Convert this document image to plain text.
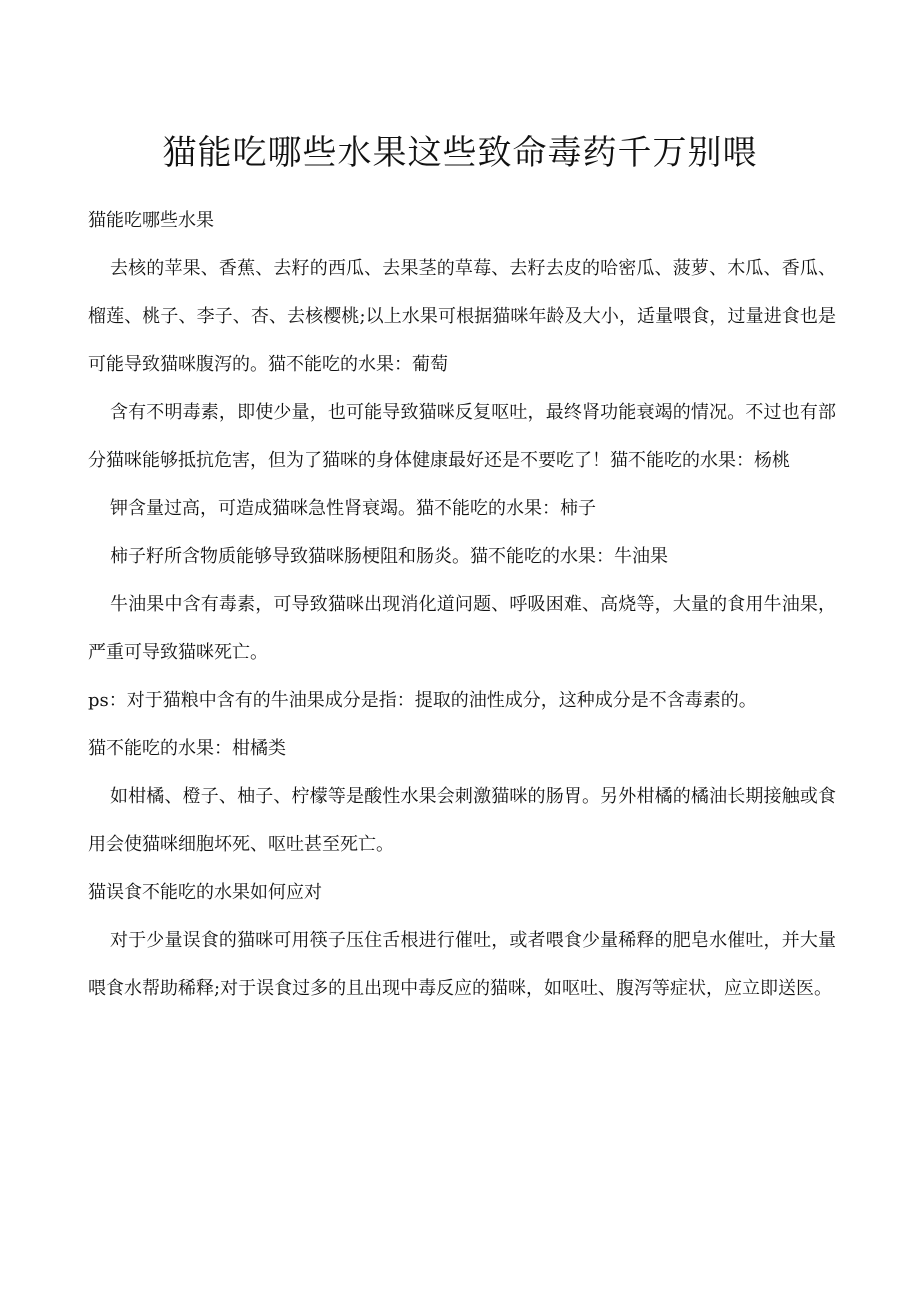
猫能吃哪些水果这些致命毒药千万别喂

猫能吃哪些水果

去核的苹果、香蕉、去籽的西瓜、去果茎的草莓、去籽去皮的哈密瓜、菠萝、木瓜、香瓜、榴莲、桃子、李子、杏、去核樱桃;以上水果可根据猫咪年龄及大小，适量喂食，过量进食也是可能导致猫咪腹泻的。猫不能吃的水果：葡萄

含有不明毒素，即使少量，也可能导致猫咪反复呕吐，最终肾功能衰竭的情况。不过也有部分猫咪能够抵抗危害，但为了猫咪的身体健康最好还是不要吃了！猫不能吃的水果：杨桃

钾含量过高，可造成猫咪急性肾衰竭。猫不能吃的水果：柿子

柿子籽所含物质能够导致猫咪肠梗阻和肠炎。猫不能吃的水果：牛油果

牛油果中含有毒素，可导致猫咪出现消化道问题、呼吸困难、高烧等，大量的食用牛油果，严重可导致猫咪死亡。

ps：对于猫粮中含有的牛油果成分是指：提取的油性成分，这种成分是不含毒素的。

猫不能吃的水果：柑橘类

如柑橘、橙子、柚子、柠檬等是酸性水果会刺激猫咪的肠胃。另外柑橘的橘油长期接触或食用会使猫咪细胞坏死、呕吐甚至死亡。

猫误食不能吃的水果如何应对

对于少量误食的猫咪可用筷子压住舌根进行催吐，或者喂食少量稀释的肥皂水催吐，并大量喂食水帮助稀释;对于误食过多的且出现中毒反应的猫咪，如呕吐、腹泻等症状，应立即送医。
